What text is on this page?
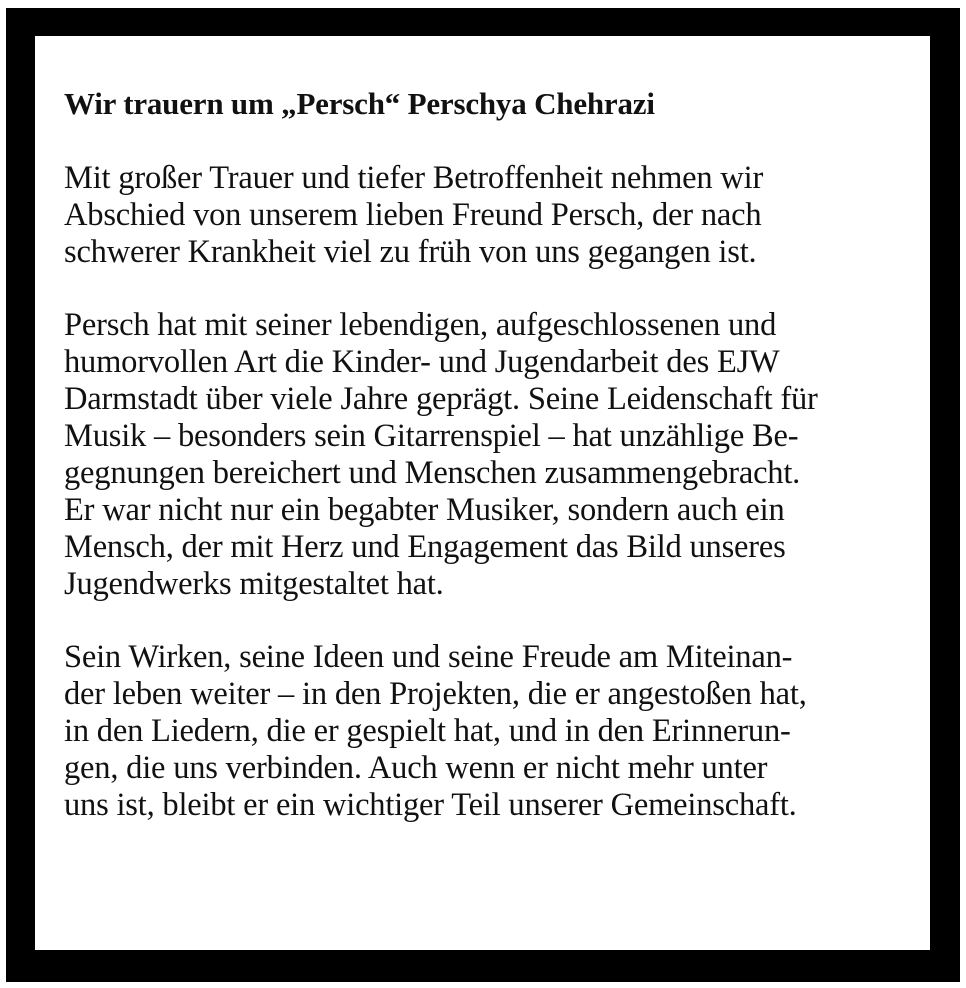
Wir trauern um „Persch“ Perschya Chehrazi
Mit großer Trauer und tiefer Betroffenheit nehmen wir
Abschied von unserem lieben Freund Persch, der nach
schwerer Krankheit viel zu früh von uns gegangen ist.
Persch hat mit seiner lebendigen, aufgeschlossenen und
humorvollen Art die Kinder- und Jugendarbeit des EJW
Darmstadt über viele Jahre geprägt. Seine Leidenschaft für
Musik – besonders sein Gitarrenspiel – hat unzählige Be-
gegnungen bereichert und Menschen zusammengebracht.
Er war nicht nur ein begabter Musiker, sondern auch ein
Mensch, der mit Herz und Engagement das Bild unseres
Jugendwerks mitgestaltet hat.
Sein Wirken, seine Ideen und seine Freude am Miteinan-
der leben weiter – in den Projekten, die er angestoßen hat,
in den Liedern, die er gespielt hat, und in den Erinnerun-
gen, die uns verbinden. Auch wenn er nicht mehr unter
uns ist, bleibt er ein wichtiger Teil unserer Gemeinschaft.
